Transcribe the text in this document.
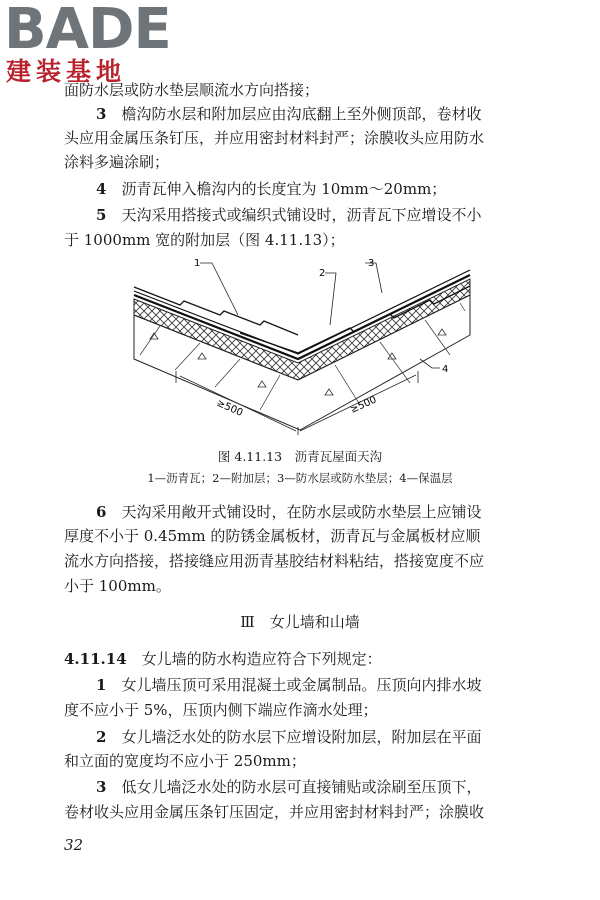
BADE
建装基地
面防水层或防水垫层顺流水方向搭接；
3　 檐沟防水层和附加层应由沟底翻上至外侧顶部，卷材收
头应用金属压条钉压，并应用密封材料封严；涂膜收头应用防水
涂料多遍涂刷；
4　 沥青瓦伸入檐沟内的长度宜为 10mm～20mm；
5　 天沟采用搭接式或编织式铺设时，沥青瓦下应增设不小
于 1000mm 宽的附加层（图 4.11.13）；
1
2
3
4
≥500	≥500
图 4.11.13　沥青瓦屋面天沟
1—沥青瓦；2—附加层；3—防水层或防水垫层；4—保温层
6　 天沟采用敞开式铺设时，在防水层或防水垫层上应铺设
厚度不小于 0.45mm 的防锈金属板材，沥青瓦与金属板材应顺
流水方向搭接，搭接缝应用沥青基胶结材料粘结，搭接宽度不应
小于 100mm。
Ⅲ　 女儿墙和山墙
4.11.14　 女儿墙的防水构造应符合下列规定：
1　 女儿墙压顶可采用混凝土或金属制品。压顶向内排水坡
度不应小于 5%，压顶内侧下端应作滴水处理；
2　 女儿墙泛水处的防水层下应增设附加层，附加层在平面
和立面的宽度均不应小于 250mm；
3　 低女儿墙泛水处的防水层可直接铺贴或涂刷至压顶下，
卷材收头应用金属压条钉压固定，并应用密封材料封严；涂膜收
32
